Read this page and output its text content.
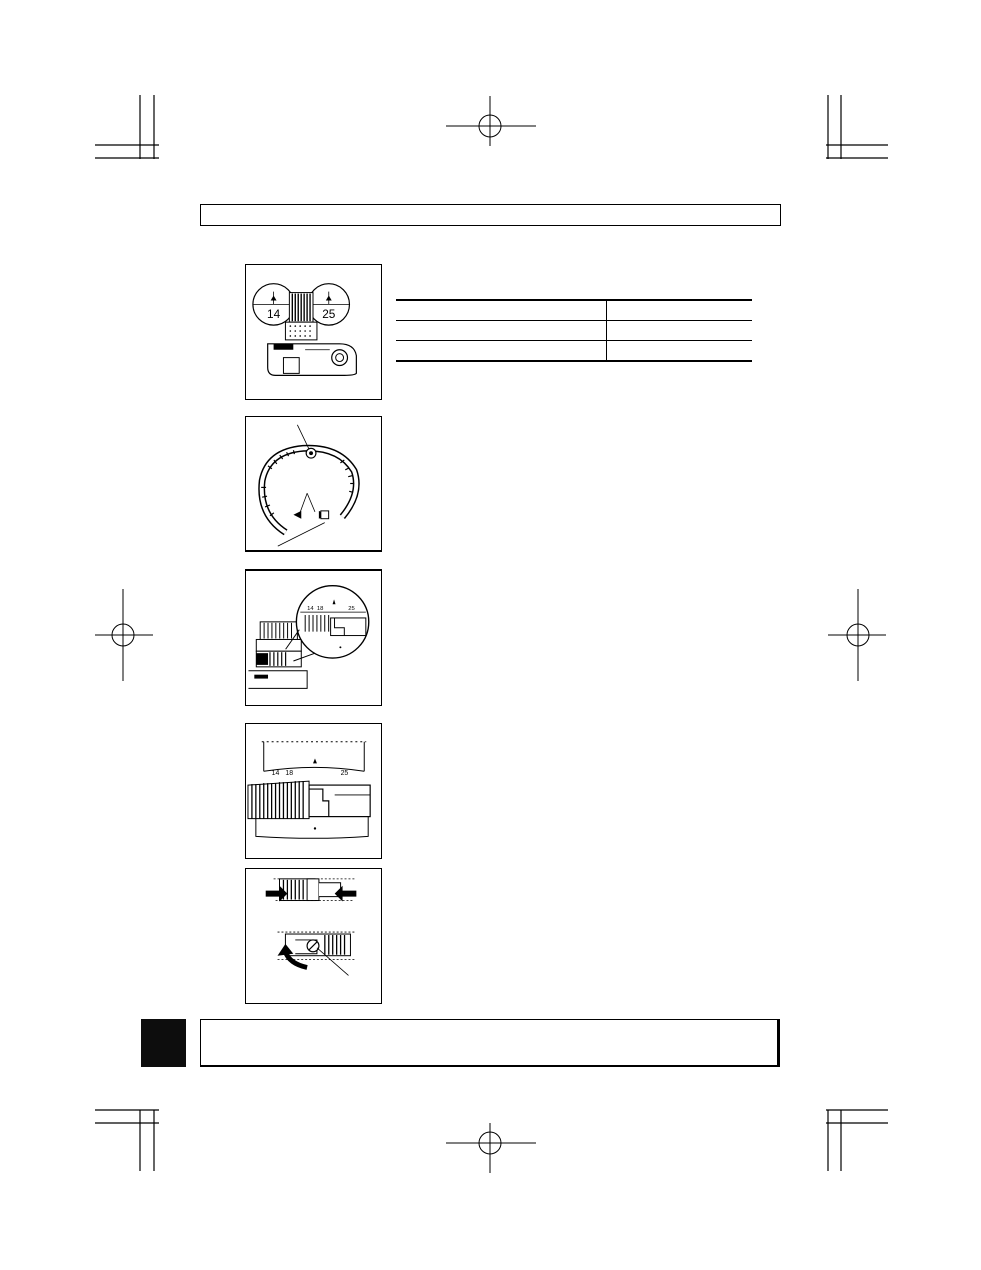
14	25

14 18	25
14 18	25
